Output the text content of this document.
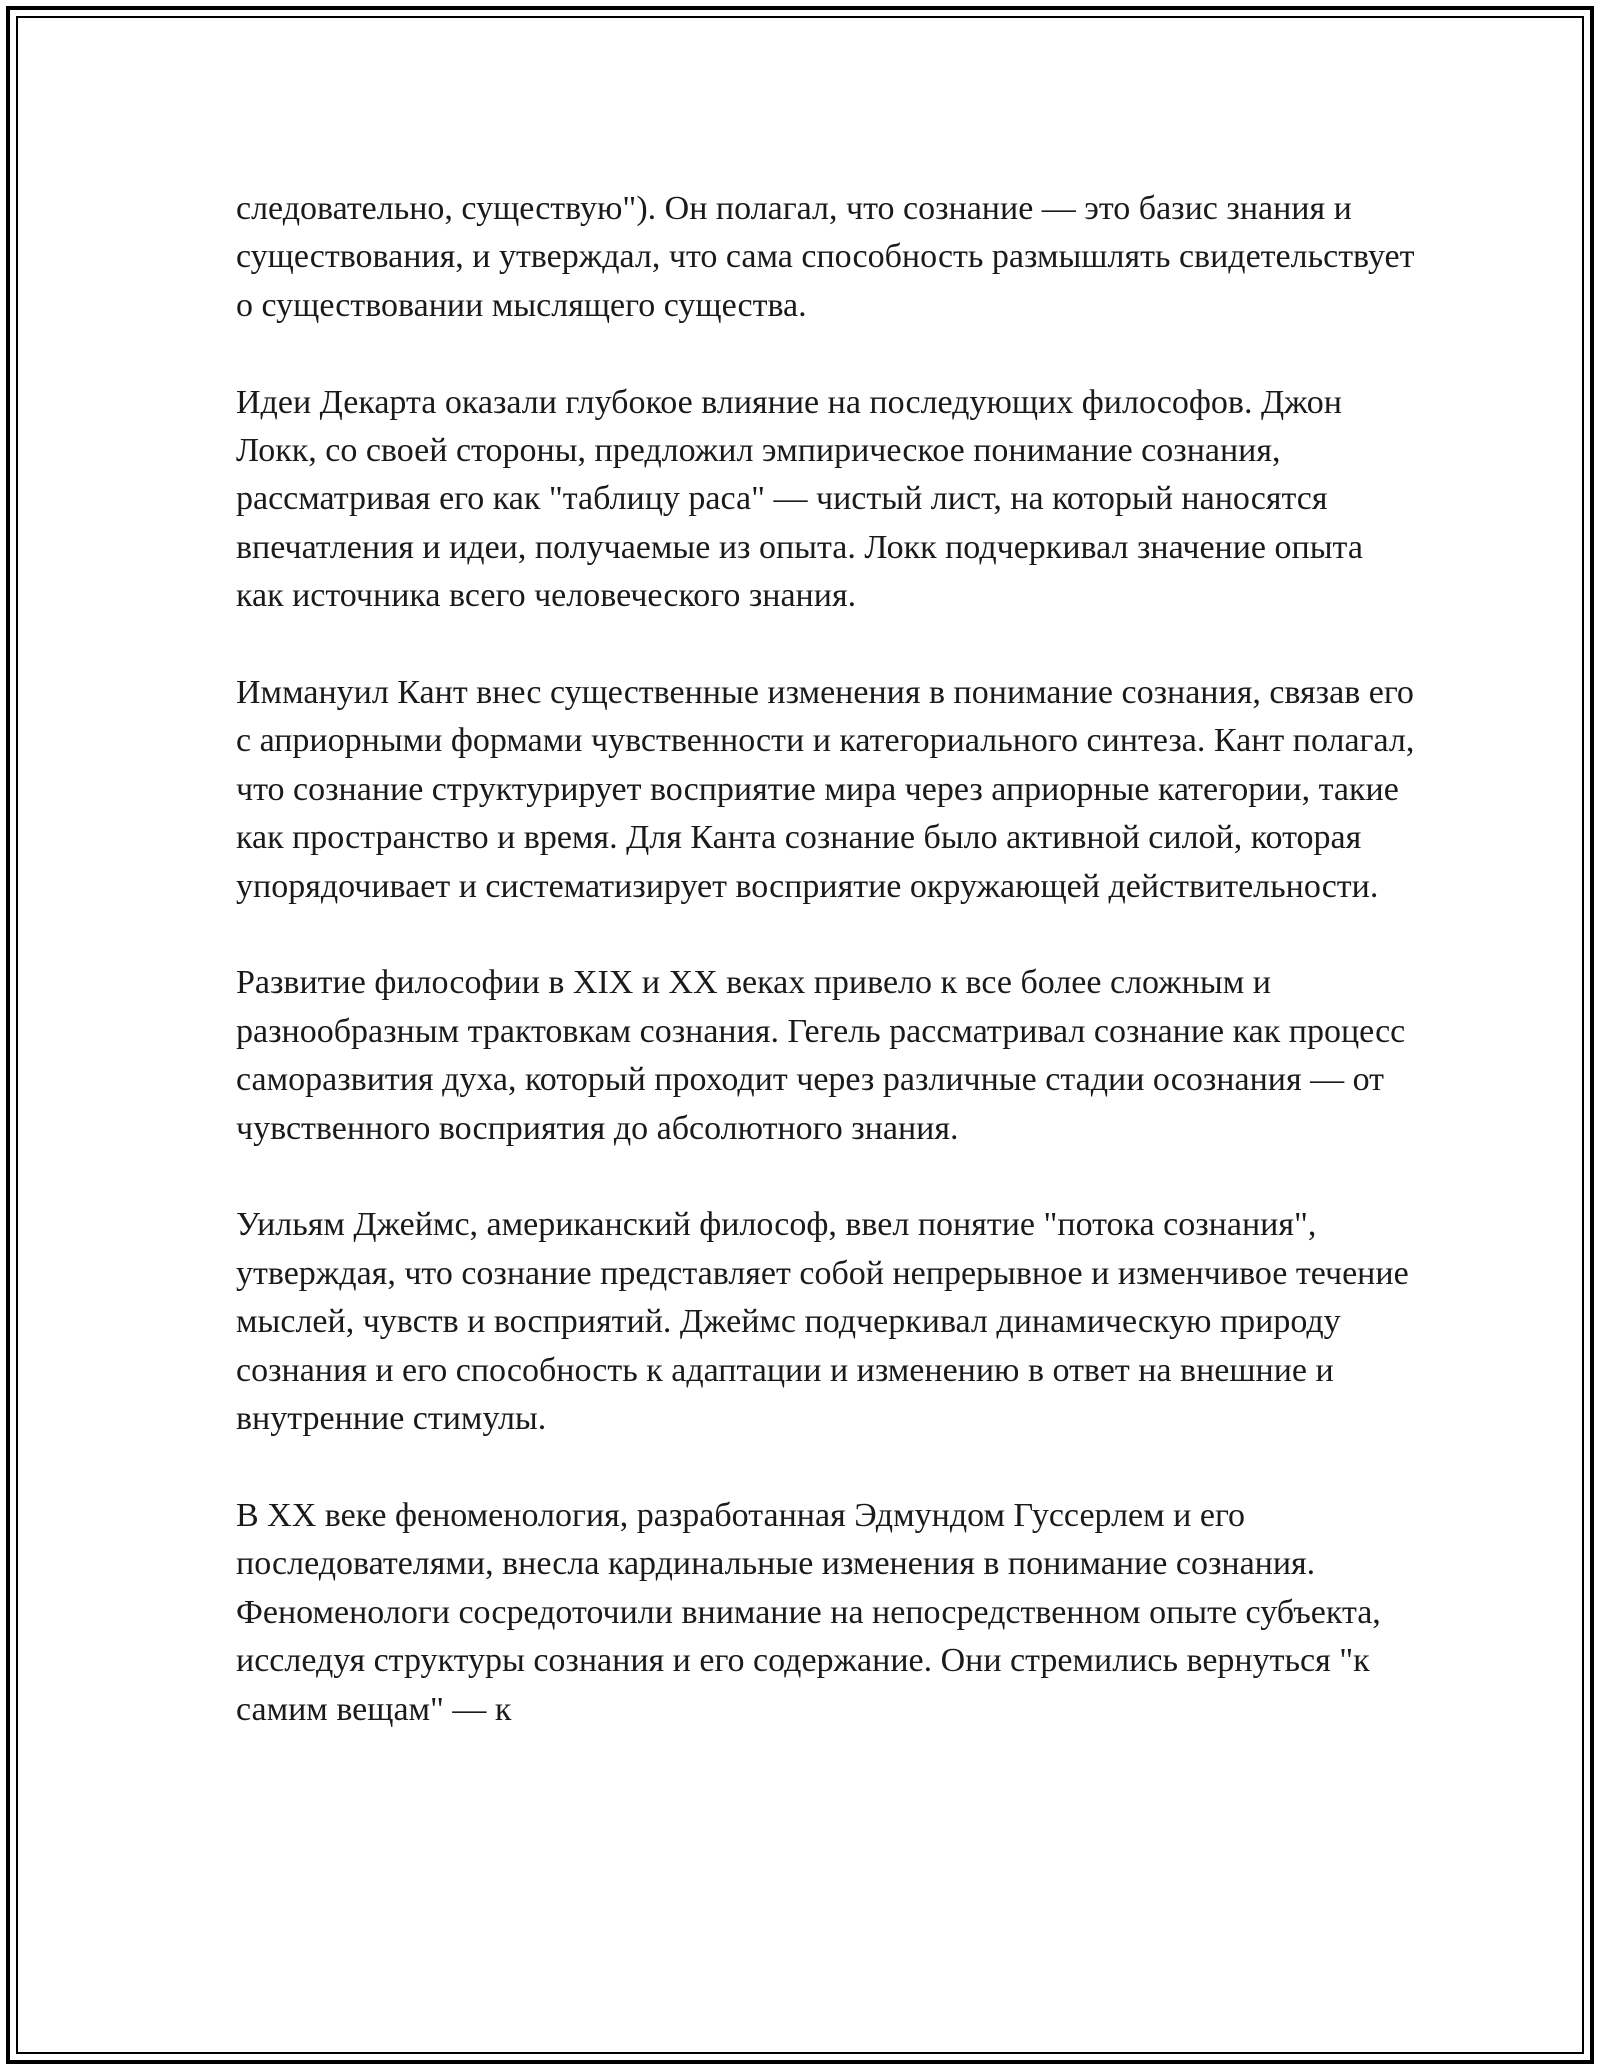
следовательно, существую"). Он полагал, что сознание — это базис знания и существования, и утверждал, что сама способность размышлять свидетельствует о существовании мыслящего существа.

Идеи Декарта оказали глубокое влияние на последующих философов. Джон Локк, со своей стороны, предложил эмпирическое понимание сознания, рассматривая его как "таблицу раса" — чистый лист, на который наносятся впечатления и идеи, получаемые из опыта. Локк подчеркивал значение опыта как источника всего человеческого знания.

Иммануил Кант внес существенные изменения в понимание сознания, связав его с априорными формами чувственности и категориального синтеза. Кант полагал, что сознание структурирует восприятие мира через априорные категории, такие как пространство и время. Для Канта сознание было активной силой, которая упорядочивает и систематизирует восприятие окружающей действительности.

Развитие философии в XIX и XX веках привело к все более сложным и разнообразным трактовкам сознания. Гегель рассматривал сознание как процесс саморазвития духа, который проходит через различные стадии осознания — от чувственного восприятия до абсолютного знания.

Уильям Джеймс, американский философ, ввел понятие "потока сознания", утверждая, что сознание представляет собой непрерывное и изменчивое течение мыслей, чувств и восприятий. Джеймс подчеркивал динамическую природу сознания и его способность к адаптации и изменению в ответ на внешние и внутренние стимулы.

В XX веке феноменология, разработанная Эдмундом Гуссерлем и его последователями, внесла кардинальные изменения в понимание сознания. Феноменологи сосредоточили внимание на непосредственном опыте субъекта, исследуя структуры сознания и его содержание. Они стремились вернуться "к самим вещам" — к
